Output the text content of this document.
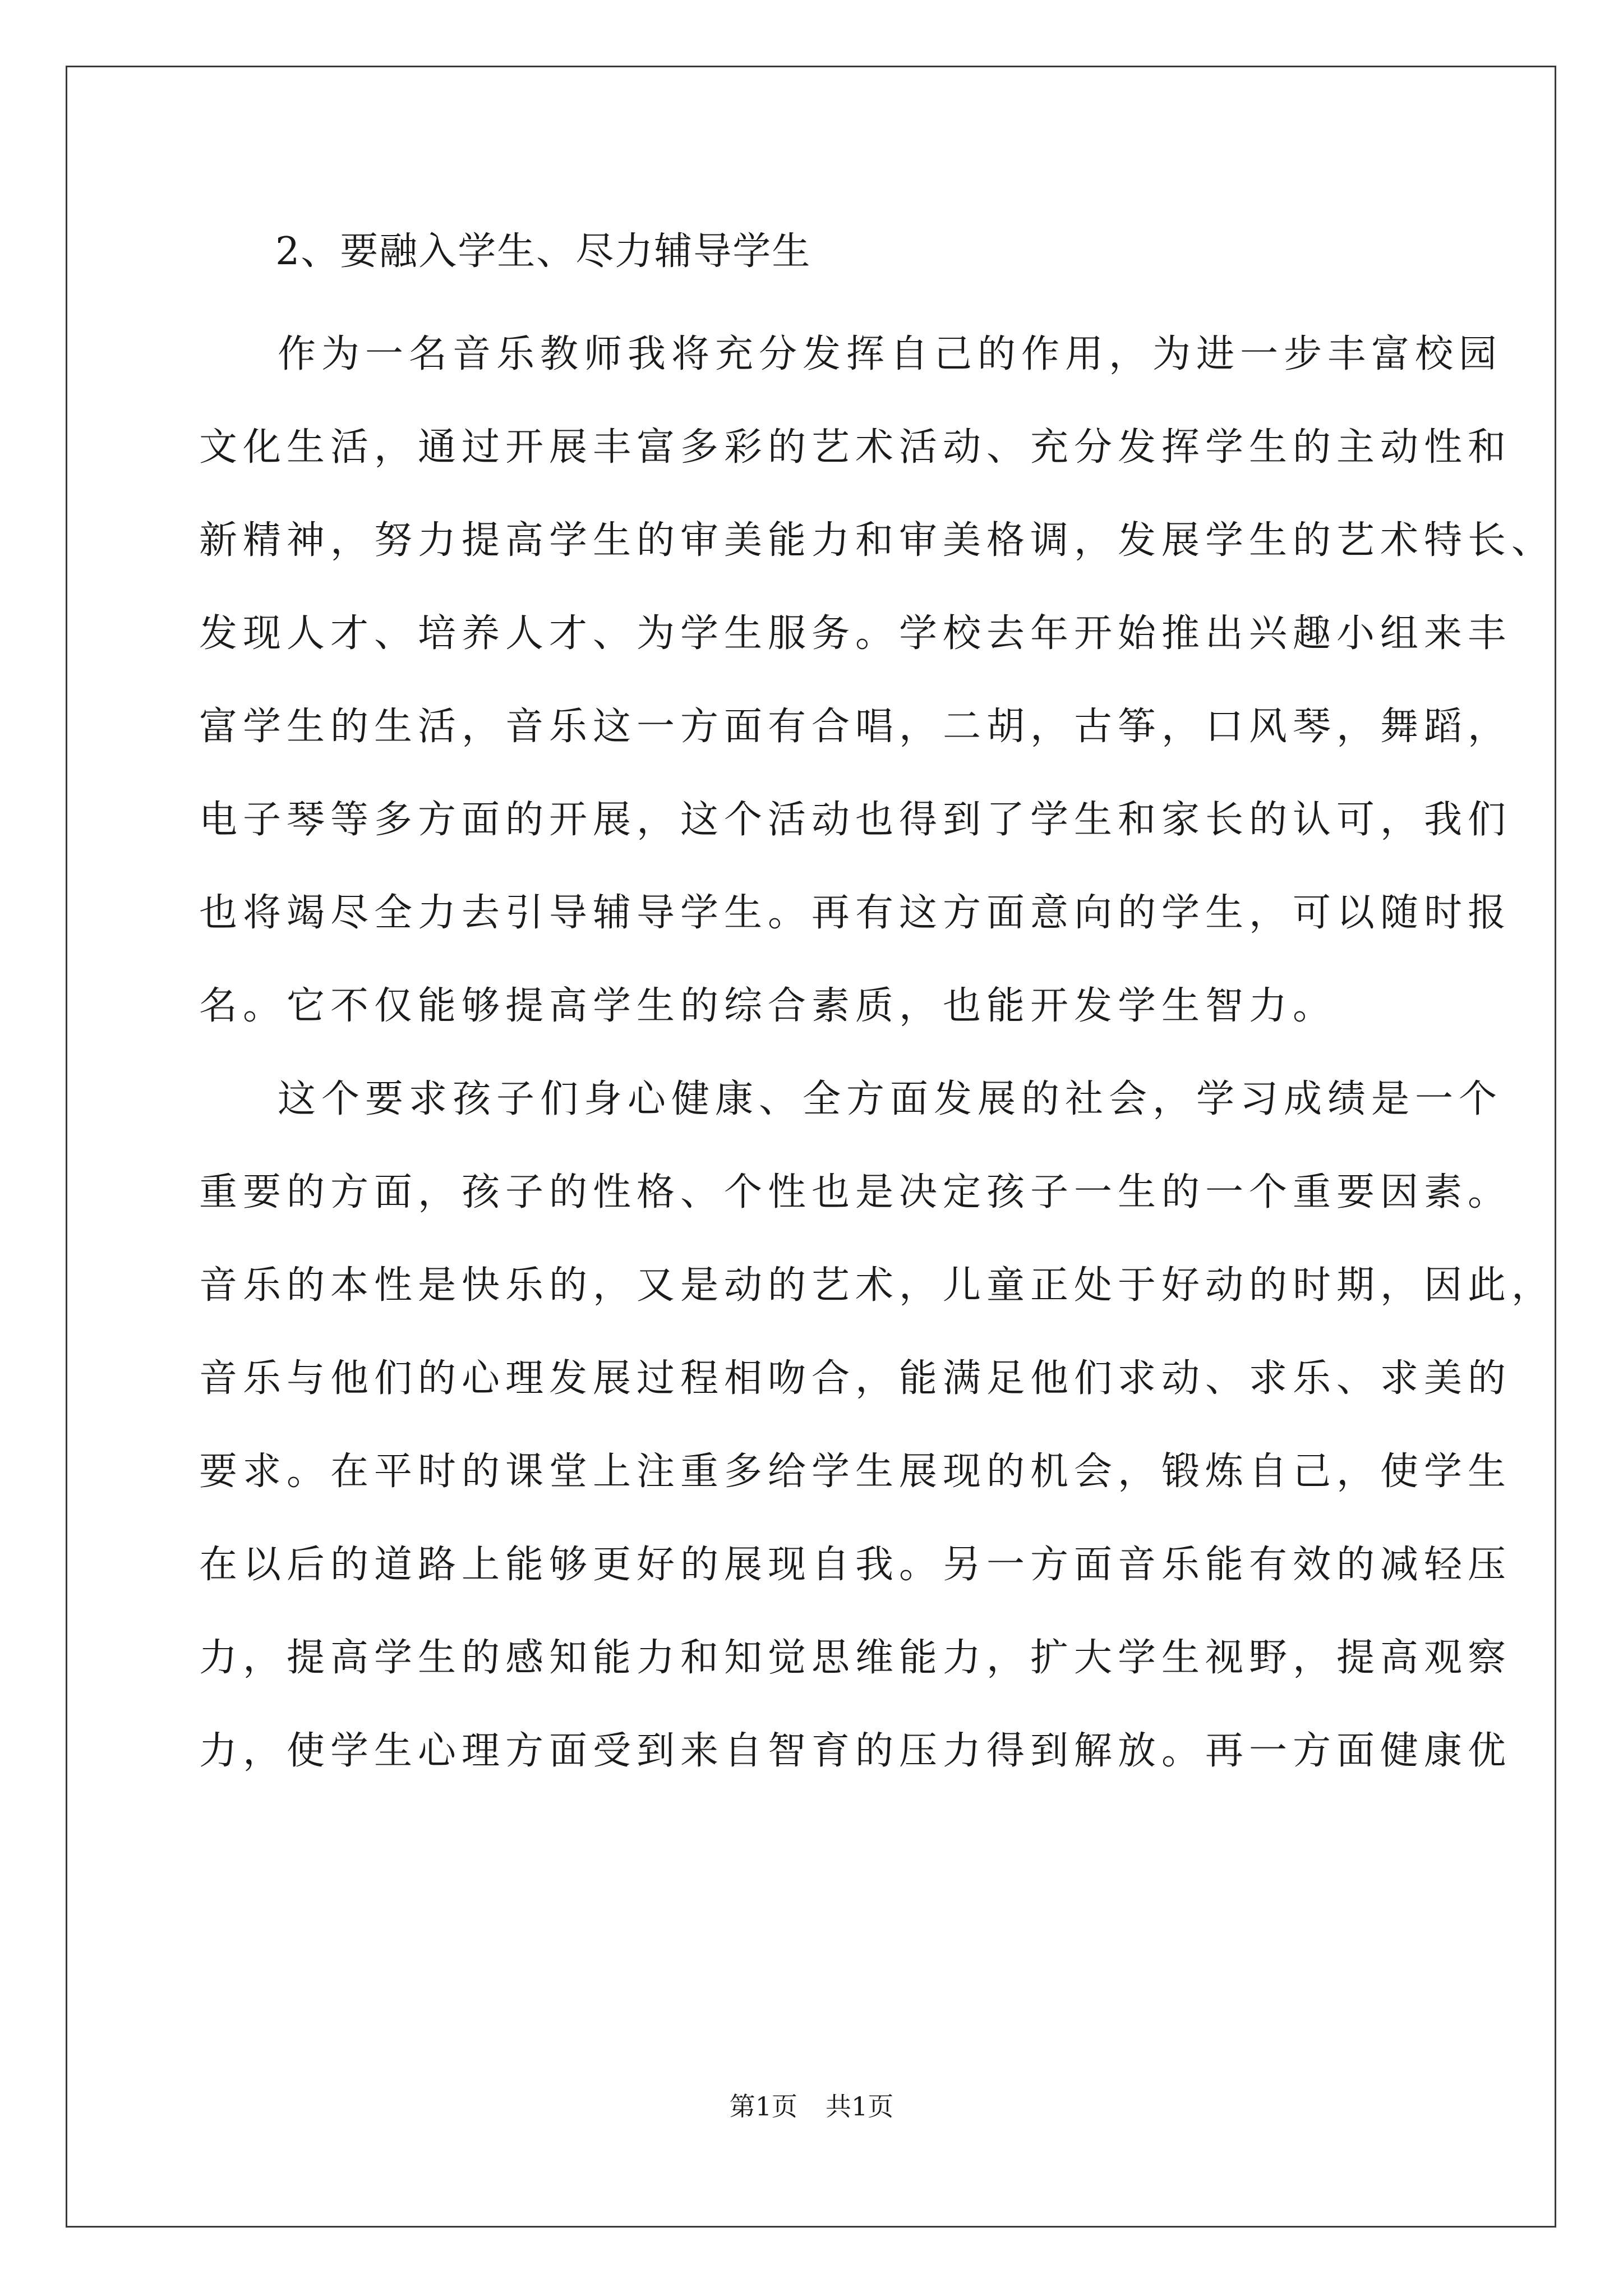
2、要融入学生、尽力辅导学生

作为一名音乐教师我将充分发挥自己的作用，为进一步丰富校园
文化生活，通过开展丰富多彩的艺术活动、充分发挥学生的主动性和
新精神，努力提高学生的审美能力和审美格调，发展学生的艺术特长、
发现人才、培养人才、为学生服务。学校去年开始推出兴趣小组来丰
富学生的生活，音乐这一方面有合唱，二胡，古筝，口风琴，舞蹈，
电子琴等多方面的开展，这个活动也得到了学生和家长的认可，我们
也将竭尽全力去引导辅导学生。再有这方面意向的学生，可以随时报
名。它不仅能够提高学生的综合素质，也能开发学生智力。
这个要求孩子们身心健康、全方面发展的社会，学习成绩是一个
重要的方面，孩子的性格、个性也是决定孩子一生的一个重要因素。
音乐的本性是快乐的，又是动的艺术，儿童正处于好动的时期，因此，
音乐与他们的心理发展过程相吻合，能满足他们求动、求乐、求美的
要求。在平时的课堂上注重多给学生展现的机会，锻炼自己，使学生
在以后的道路上能够更好的展现自我。另一方面音乐能有效的减轻压
力，提高学生的感知能力和知觉思维能力，扩大学生视野，提高观察
力，使学生心理方面受到来自智育的压力得到解放。再一方面健康优
第1页 共1页
